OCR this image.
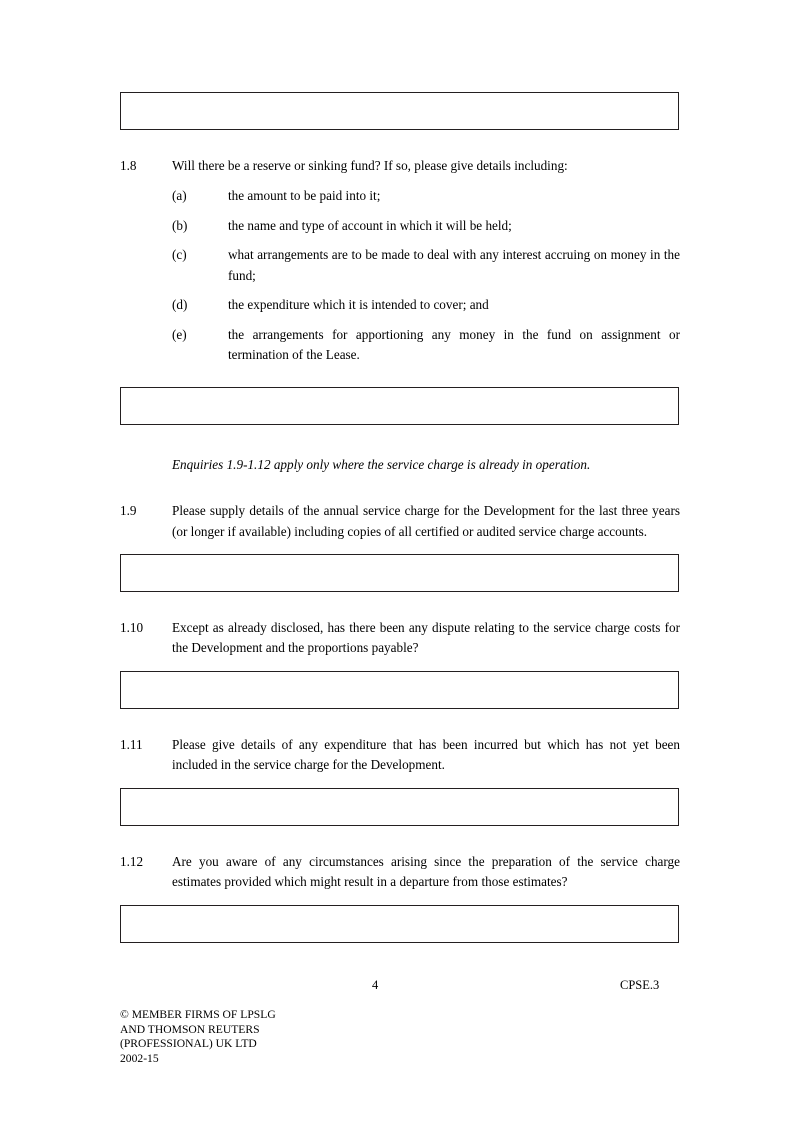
1.8	Will there be a reserve or sinking fund? If so, please give details including:
(a)	the amount to be paid into it;
(b)	the name and type of account in which it will be held;
(c)	what arrangements are to be made to deal with any interest accruing on money in the fund;
(d)	the expenditure which it is intended to cover; and
(e)	the arrangements for apportioning any money in the fund on assignment or termination of the Lease.
Enquiries 1.9-1.12 apply only where the service charge is already in operation.
1.9	Please supply details of the annual service charge for the Development for the last three years (or longer if available) including copies of all certified or audited service charge accounts.
1.10	Except as already disclosed, has there been any dispute relating to the service charge costs for the Development and the proportions payable?
1.11	Please give details of any expenditure that has been incurred but which has not yet been included in the service charge for the Development.
1.12	Are you aware of any circumstances arising since the preparation of the service charge estimates provided which might result in a departure from those estimates?
4	CPSE.3
© MEMBER FIRMS OF LPSLG
AND THOMSON REUTERS
(PROFESSIONAL) UK LTD
2002-15
